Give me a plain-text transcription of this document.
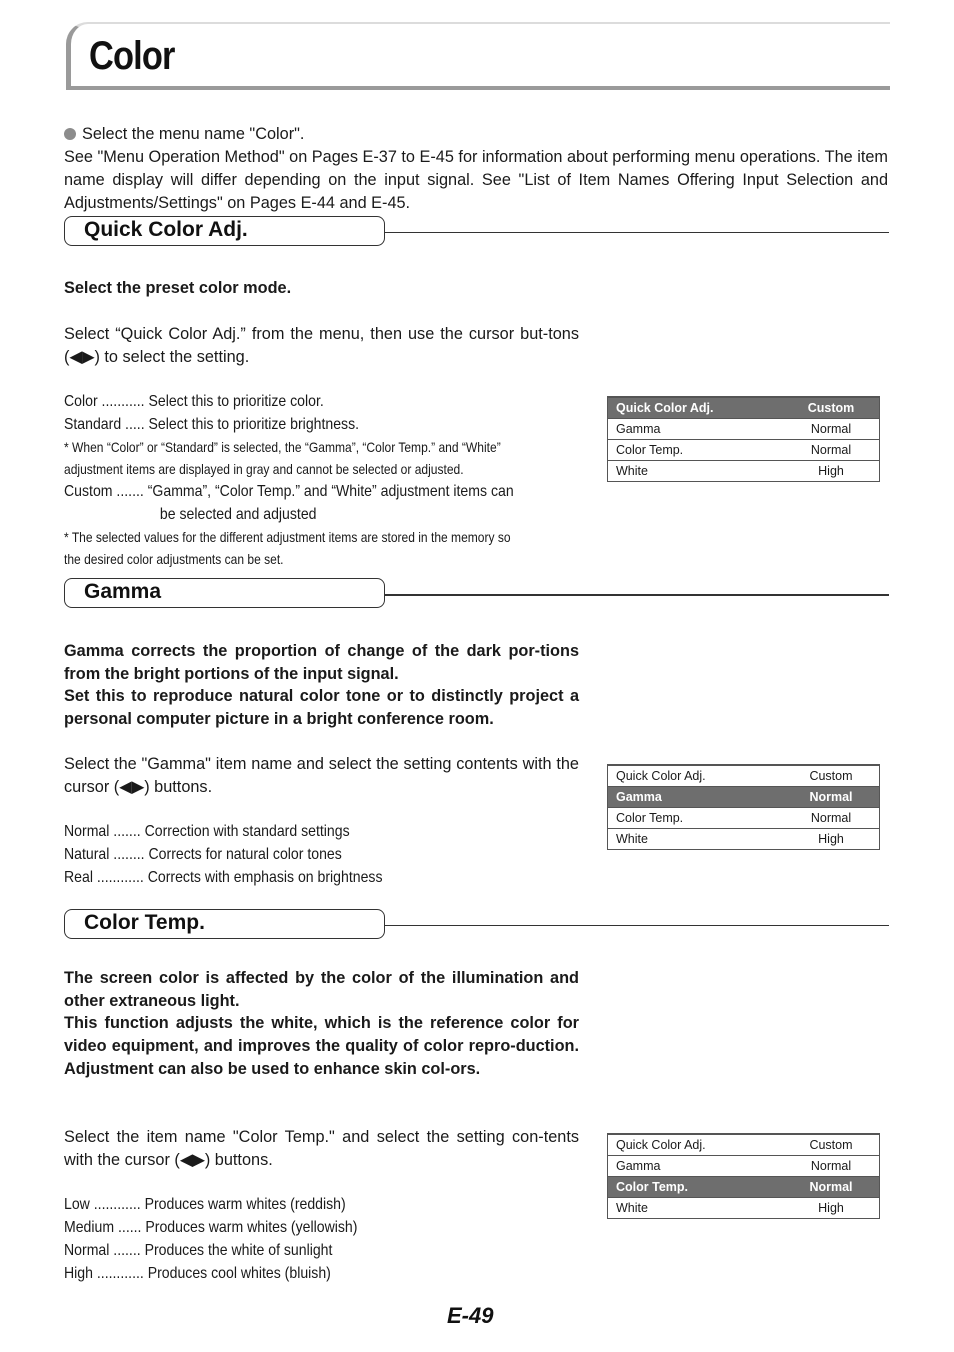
Color
Select the menu name "Color".
See "Menu Operation Method" on Pages E-37 to E-45 for information about performing menu operations. The item name display will differ depending on the input signal. See "List of Item Names Offering Input Selection and Adjustments/Settings" on Pages E-44 and E-45.

Quick Color Adj.

Select the preset color mode.

Select “Quick Color Adj.” from the menu, then use the cursor but-tons (◀▶) to select the setting.

Color ........... Select this to prioritize color.
Standard ..... Select this to prioritize brightness.
* When “Color” or “Standard” is selected, the “Gamma”, “Color Temp.” and “White”
adjustment items are displayed in gray and cannot be selected or adjusted.
Custom ....... “Gamma”, “Color Temp.” and “White” adjustment items can
be selected and adjusted
* The selected values for the different adjustment items are stored in the memory so
the desired color adjustments can be set.
Quick Color Adj.	Custom
Gamma	Normal
Color Temp.	Normal
White	High

Gamma

Gamma corrects the proportion of change of the dark por-tions from the bright portions of the input signal.

Set this to reproduce natural color tone or to distinctly project a personal computer picture in a bright conference room.

Select the "Gamma" item name and select the setting contents with the cursor (◀▶) buttons.

Normal ....... Correction with standard settings
Natural ........ Corrects for natural color tones
Real ............ Corrects with emphasis on brightness
Quick Color Adj.	Custom
Gamma	Normal
Color Temp.	Normal
White	High

Color Temp.

The screen color is affected by the color of the illumination and other extraneous light.

This function adjusts the white, which is the reference color for video equipment, and improves the quality of color repro-duction. Adjustment can also be used to enhance skin col-ors.

Select the item name "Color Temp." and select the setting con-tents with the cursor (◀▶) buttons.

Low ............ Produces warm whites (reddish)
Medium ...... Produces warm whites (yellowish)
Normal ....... Produces the white of sunlight
High ............ Produces cool whites (bluish)
Quick Color Adj.	Custom
Gamma	Normal
Color Temp.	Normal
White	High

E-49
